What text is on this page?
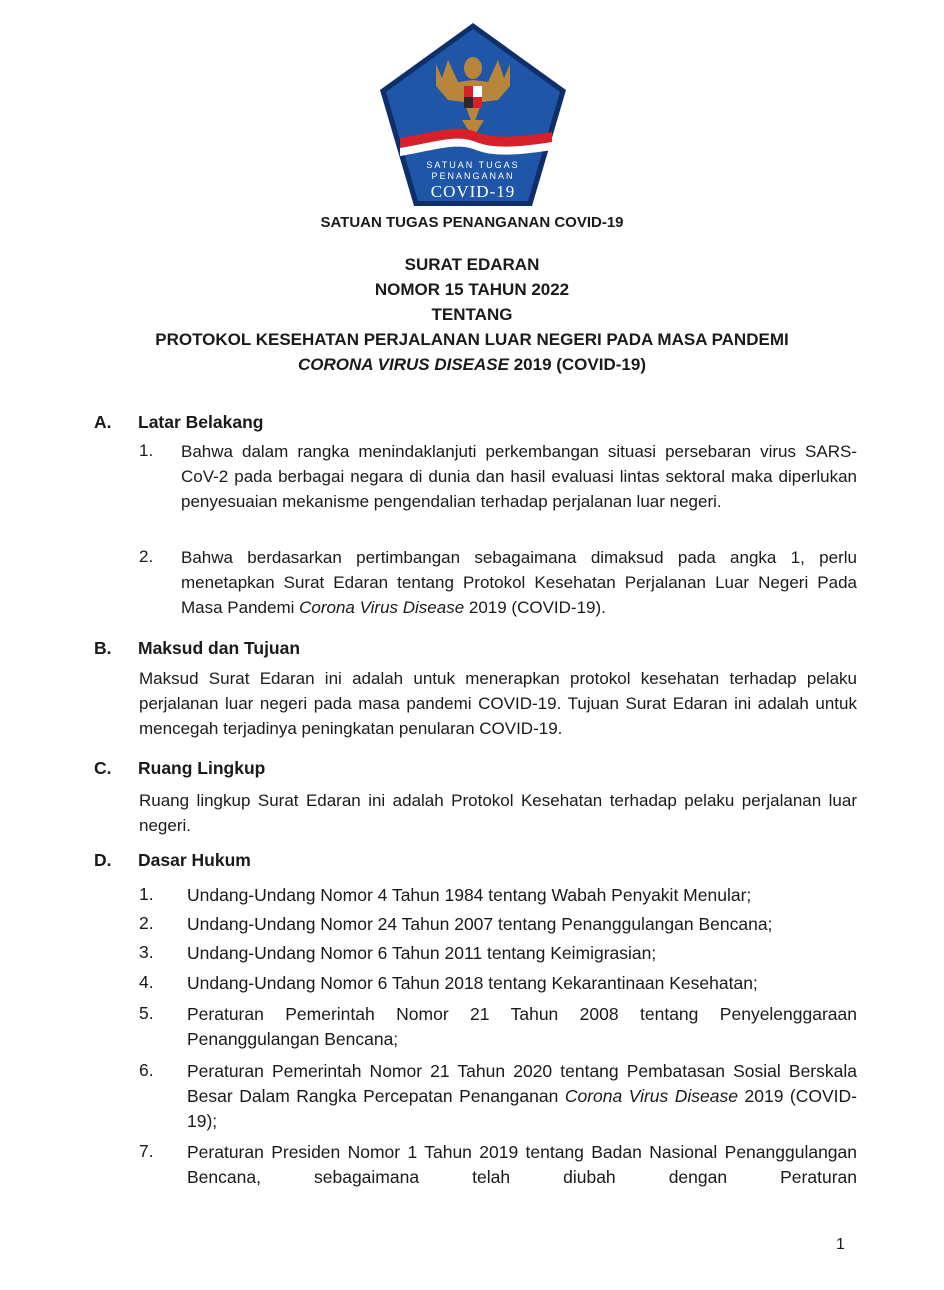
SATUAN TUGAS
PENANGANAN
COVID-19
SATUAN TUGAS PENANGANAN COVID-19
SURAT EDARAN
NOMOR 15 TAHUN 2022
TENTANG
PROTOKOL KESEHATAN PERJALANAN LUAR NEGERI PADA MASA PANDEMI
CORONA VIRUS DISEASE 2019 (COVID-19)
A. Latar Belakang
1. Bahwa dalam rangka menindaklanjuti perkembangan situasi persebaran virus SARS-CoV-2 pada berbagai negara di dunia dan hasil evaluasi lintas sektoral maka diperlukan penyesuaian mekanisme pengendalian terhadap perjalanan luar negeri.
2. Bahwa berdasarkan pertimbangan sebagaimana dimaksud pada angka 1, perlu menetapkan Surat Edaran tentang Protokol Kesehatan Perjalanan Luar Negeri Pada Masa Pandemi Corona Virus Disease 2019 (COVID-19).
B. Maksud dan Tujuan
Maksud Surat Edaran ini adalah untuk menerapkan protokol kesehatan terhadap pelaku perjalanan luar negeri pada masa pandemi COVID-19. Tujuan Surat Edaran ini adalah untuk mencegah terjadinya peningkatan penularan COVID-19.
C. Ruang Lingkup
Ruang lingkup Surat Edaran ini adalah Protokol Kesehatan terhadap pelaku perjalanan luar negeri.
D. Dasar Hukum
1. Undang-Undang Nomor 4 Tahun 1984 tentang Wabah Penyakit Menular;
2. Undang-Undang Nomor 24 Tahun 2007 tentang Penanggulangan Bencana;
3. Undang-Undang Nomor 6 Tahun 2011 tentang Keimigrasian;
4. Undang-Undang Nomor 6 Tahun 2018 tentang Kekarantinaan Kesehatan;
5. Peraturan Pemerintah Nomor 21 Tahun 2008 tentang Penyelenggaraan Penanggulangan Bencana;
6. Peraturan Pemerintah Nomor 21 Tahun 2020 tentang Pembatasan Sosial Berskala Besar Dalam Rangka Percepatan Penanganan Corona Virus Disease 2019 (COVID-19);
7. Peraturan Presiden Nomor 1 Tahun 2019 tentang Badan Nasional Penanggulangan Bencana, sebagaimana telah diubah dengan Peraturan
1
